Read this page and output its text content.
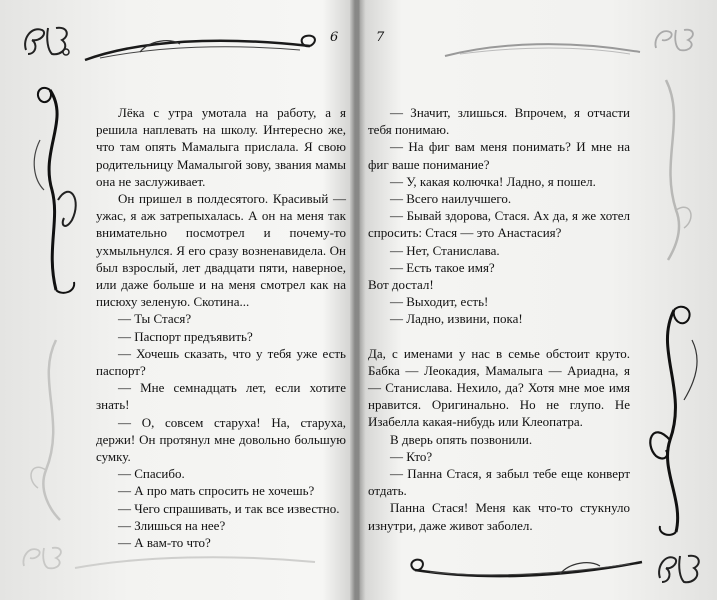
6	7

Лёка с утра умотала на работу, а я решила наплевать на школу. Интересно же, что там опять Мамалыга прислала. Я свою родительницу Мамалыгой зову, звания мамы она не заслуживает.

Он пришел в полдесятого. Красивый — ужас, я аж затрепыхалась. А он на меня так внимательно посмотрел и почему-то ухмыльнулся. Я его сразу возненавидела. Он был взрослый, лет двадцати пяти, наверное, или даже больше и на меня смотрел как на писюху зеленую. Скотина...

— Ты Стася?

— Паспорт предъявить?

— Хочешь сказать, что у тебя уже есть паспорт?

— Мне семнадцать лет, если хотите знать!

— О, совсем старуха! На, старуха, держи! Он протянул мне довольно большую сумку.

— Спасибо.

— А про мать спросить не хочешь?

— Чего спрашивать, и так все известно.

— Злишься на нее?

— А вам-то что?

— Значит, злишься. Впрочем, я отчасти тебя понимаю.

— На фиг вам меня понимать? И мне на фиг ваше понимание?

— У, какая колючка! Ладно, я пошел.

— Всего наилучшего.

— Бывай здорова, Стася. Ах да, я же хотел спросить: Стася — это Анастасия?

— Нет, Станислава.

— Есть такое имя?

Вот достал!

— Выходит, есть!

— Ладно, извини, пока!

Да, с именами у нас в семье обстоит круто. Бабка — Леокадия, Мамалыга — Ариадна, я — Станислава. Нехило, да? Хотя мне мое имя нравится. Оригинально. Но не глупо. Не Изабелла какая-нибудь или Клеопатра.

В дверь опять позвонили.

— Кто?

— Панна Стася, я забыл тебе еще конверт отдать.

Панна Стася! Меня как что-то стукнуло изнутри, даже живот заболел.
